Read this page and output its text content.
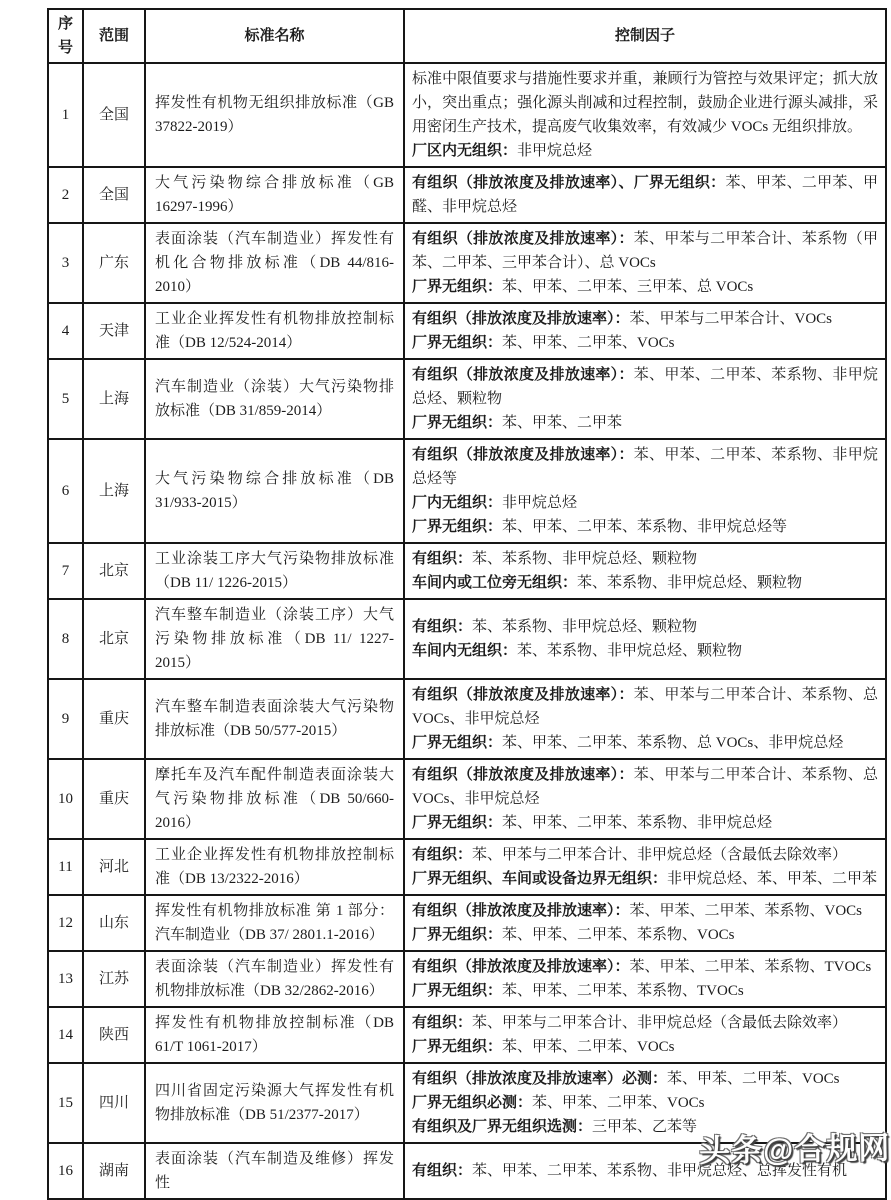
序号	范围	标准名称	控制因子
1	全国	挥发性有机物无组织排放标准（GB 37822-2019）	标准中限值要求与措施性要求并重，兼顾行为管控与效果评定；抓大放小，突出重点；强化源头削减和过程控制，鼓励企业进行源头减排，采用密闭生产技术，提高废气收集效率，有效减少 VOCs 无组织排放。
厂区内无组织：非甲烷总烃

2	全国	大气污染物综合排放标准（GB 16297-1996）	有组织（排放浓度及排放速率）、厂界无组织：苯、甲苯、二甲苯、甲醛、非甲烷总烃

3	广东	表面涂装（汽车制造业）挥发性有机化合物排放标准（DB 44/816-2010）	有组织（排放浓度及排放速率）：苯、甲苯与二甲苯合计、苯系物（甲苯、二甲苯、三甲苯合计）、总 VOCs
厂界无组织：苯、甲苯、二甲苯、三甲苯、总 VOCs

4	天津	工业企业挥发性有机物排放控制标准（DB 12/524-2014）	有组织（排放浓度及排放速率）：苯、甲苯与二甲苯合计、VOCs
厂界无组织：苯、甲苯、二甲苯、VOCs

5	上海	汽车制造业（涂装）大气污染物排放标准（DB 31/859-2014）	有组织（排放浓度及排放速率）：苯、甲苯、二甲苯、苯系物、非甲烷总烃、颗粒物
厂界无组织：苯、甲苯、二甲苯

6	上海	大气污染物综合排放标准（DB 31/933-2015）	有组织（排放浓度及排放速率）：苯、甲苯、二甲苯、苯系物、非甲烷总烃等
厂内无组织：非甲烷总烃
厂界无组织：苯、甲苯、二甲苯、苯系物、非甲烷总烃等

7	北京	工业涂装工序大气污染物排放标准（DB 11/ 1226-2015）	有组织：苯、苯系物、非甲烷总烃、颗粒物
车间内或工位旁无组织：苯、苯系物、非甲烷总烃、颗粒物

8	北京	汽车整车制造业（涂装工序）大气污染物排放标准（DB 11/ 1227-2015）	有组织：苯、苯系物、非甲烷总烃、颗粒物
车间内无组织：苯、苯系物、非甲烷总烃、颗粒物

9	重庆	汽车整车制造表面涂装大气污染物排放标准（DB 50/577-2015）	有组织（排放浓度及排放速率）：苯、甲苯与二甲苯合计、苯系物、总 VOCs、非甲烷总烃
厂界无组织：苯、甲苯、二甲苯、苯系物、总 VOCs、非甲烷总烃

10	重庆	摩托车及汽车配件制造表面涂装大气污染物排放标准（DB 50/660-2016）	有组织（排放浓度及排放速率）：苯、甲苯与二甲苯合计、苯系物、总 VOCs、非甲烷总烃
厂界无组织：苯、甲苯、二甲苯、苯系物、非甲烷总烃

11	河北	工业企业挥发性有机物排放控制标准（DB 13/2322-2016）	有组织：苯、甲苯与二甲苯合计、非甲烷总烃（含最低去除效率）
厂界无组织、车间或设备边界无组织：非甲烷总烃、苯、甲苯、二甲苯

12	山东	挥发性有机物排放标准 第 1 部分：汽车制造业（DB 37/ 2801.1-2016）	有组织（排放浓度及排放速率）：苯、甲苯、二甲苯、苯系物、VOCs
厂界无组织：苯、甲苯、二甲苯、苯系物、VOCs

13	江苏	表面涂装（汽车制造业）挥发性有机物排放标准（DB 32/2862-2016）	有组织（排放浓度及排放速率）：苯、甲苯、二甲苯、苯系物、TVOCs
厂界无组织：苯、甲苯、二甲苯、苯系物、TVOCs

14	陕西	挥发性有机物排放控制标准（DB 61/T 1061-2017）	有组织：苯、甲苯与二甲苯合计、非甲烷总烃（含最低去除效率）
厂界无组织：苯、甲苯、二甲苯、VOCs

15	四川	四川省固定污染源大气挥发性有机物排放标准（DB 51/2377-2017）	有组织（排放浓度及排放速率）必测：苯、甲苯、二甲苯、VOCs
厂界无组织必测：苯、甲苯、二甲苯、VOCs
有组织及厂界无组织选测：三甲苯、乙苯等

16	湖南	表面涂装（汽车制造及维修）挥发性	有组织：苯、甲苯、二甲苯、苯系物、非甲烷总烃、总挥发性有机
头条@合规网
